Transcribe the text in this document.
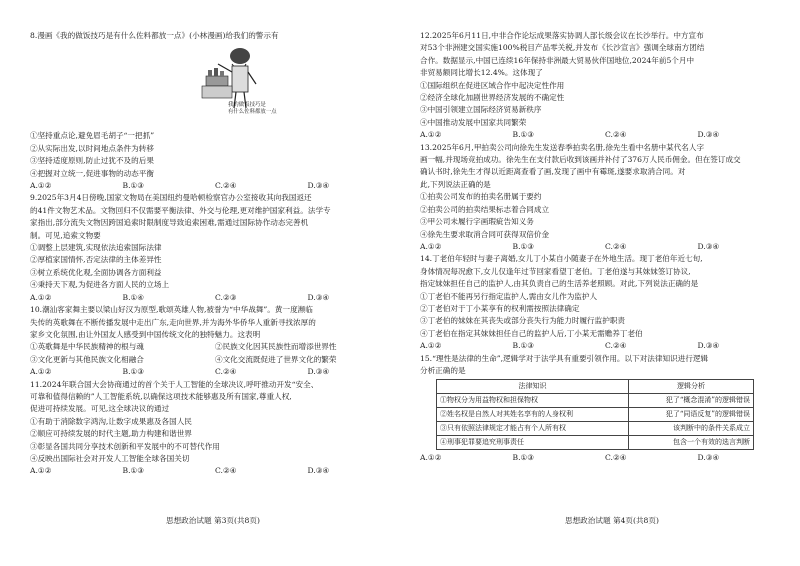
8.漫画《我的做饭技巧是有什么佐料都放一点》(小林漫画)给我们的警示有
我的做饭技巧是
有什么佐料都放一点
①坚持重点论,避免眉毛胡子“一把抓”
②从实际出发,以时间地点条件为转移
③坚持适度原则,防止过犹不及的后果
④把握对立统一,促进事物的动态平衡
A.①②	B.①③	C.②④	D.③④
9.2025年3月4日傍晚,国家文物局在美国纽约曼哈顿检察官办公室接收其向我国返还
的41件文物艺术品。文物回归不仅需要平衡法律、外交与伦理,更对维护国家利益。法学专
家指出,部分流失文物因跨国追索时限制度导致追索困难,需通过国际协作动态完善机
制。可见,追索文物要
①调整上层建筑,实现依法追索国际法律
②厚植家国情怀,否定法律的主体差异性
③树立系统优化观,全面协调各方面利益
④秉持天下观,为促进各方面人民的立场上
A.①②	B.①④	C.②③	D.③④
10.潮汕客家舞主要以梁山好汉为原型,歌颂英雄人物,被誉为“中华战舞”。黄一度濒临
失传的英歌舞在不断传播发展中走出广东,走向世界,并为海外华侨华人重新寻找浓厚的
家乡文化氛围,由让外国友人感受到中国传统文化的独特魅力。这表明
①英歌舞是中华民族精神的根与魂	②民族文化因其民族性而增添世界性
③文化更新与其他民族文化相融合	④文化交流既促进了世界文化的繁荣
A.①②	B.①③	C.②④	D.③④
11.2024年联合国大会协商通过的首个关于人工智能的全球决议,呼吁推动开发“安全、
可靠和值得信赖的”人工智能系统,以确保这项技术能够惠及所有国家,尊重人权,
促进可持续发展。可见,这全球决议的通过
①有助于消除数字鸿沟,让数字成果惠及各国人民
②顺应可持续发展的时代主题,助力构建和谐世界
③彰显各国共同分享技术创新和平发展中的不可替代作用
④反映出国际社会对开发人工智能全球各国关切
A.①②	B.①③	C.②④	D.③④
12.2025年6月11日,中非合作论坛成果落实协调人部长级会议在长沙举行。中方宣布
对53个非洲建交国实施100%税目产品零关税,并发布《长沙宣言》强调全球南方团结
合作。数据显示,中国已连续16年保持非洲最大贸易伙伴国地位,2024年前5个月中
非贸易额同比增长12.4%。这体现了
①国际组织在促进区域合作中起决定性作用
②经济全球化加剧世界经济发展的不确定性
③中国引领建立国际经济贸易新秩序
④中国推动发展中国家共同繁荣
A.①②	B.①③	C.②④	D.③④
13.2025年6月,甲拍卖公司向徐先生发送春季拍卖名册,徐先生看中名册中某代名人字
画一幅,并现场竞拍成功。徐先生在支付款后收到该画并补付了376万人民币佣金。但在签订成交
确认书时,徐先生才得以近距离查看了画,发现了画中有霉斑,遂要求取消合同。对
此,下列说法正确的是
①拍卖公司发布的拍卖名册属于要约
②拍卖公司的拍卖结果标志着合同成立
③甲公司未履行字画瑕疵告知义务
④徐先生要求取消合同可获得双倍价金
A.①②	B.①③	C.②④	D.③④
14.丁老伯年轻时与妻子离婚,女儿丁小某自小随妻子在外地生活。现丁老伯年近七旬,
身体情况每况愈下,女儿仅逢年过节回家看望丁老伯。丁老伯遂与其妹妹签订协议,
指定妹妹担任自己的监护人,由其负责自己的生活养老照顾。对此,下列说法正确的是
①丁老伯不能再另行指定监护人,需由女儿作为监护人
②丁老伯对于丁小某享有的权利需按照法律确定
③丁老伯的妹妹在其丧失或部分丧失行为能力时履行监护职责
④丁老伯在指定其妹妹担任自己的监护人后,丁小某无需赡养丁老伯
A.①②	B.①③	C.②④	D.③④
15.“理性是法律的生命”,逻辑学对于法学具有重要引领作用。以下对法律知识进行逻辑
分析正确的是
法律知识	逻辑分析
①物权分为用益物权和担保物权	犯了“概念混淆”的逻辑错误
②姓名权是自然人对其姓名享有的人身权利	犯了“同语反复”的逻辑错误
③只有依照法律规定才能占有个人所有权	该判断中的条件关系成立
④刑事犯罪要追究刑事责任	包含一个有效的选言判断
A.①②	B.①③	C.②④	D.③④
思想政治试题 第3页(共8页)	思想政治试题 第4页(共8页)
